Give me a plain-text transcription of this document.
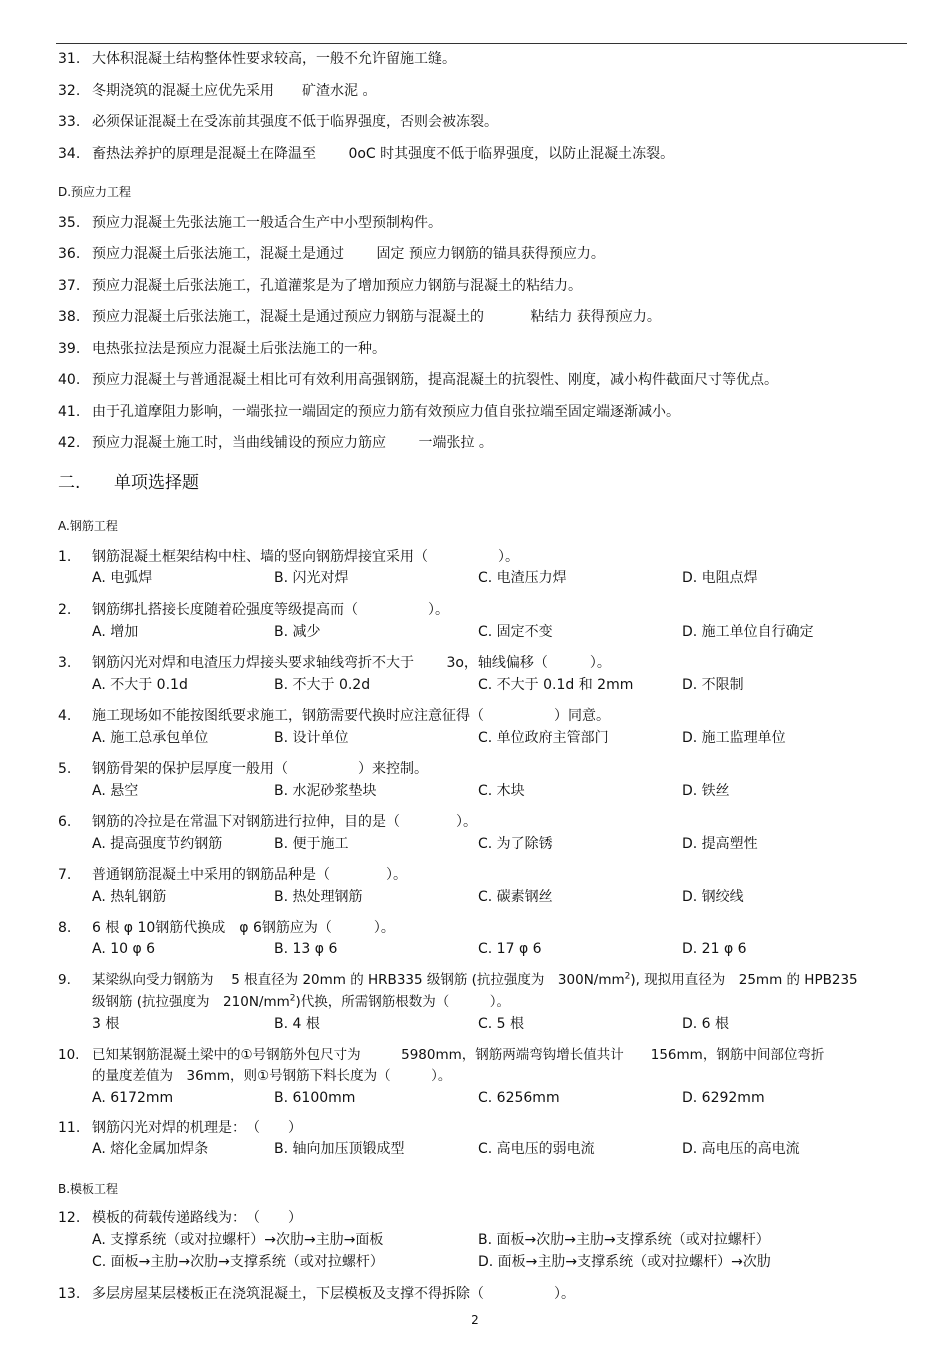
31. 大体积混凝土结构整体性要求较高，一般不允许留施工缝。
32. 冬期浇筑的混凝土应优先采用　　矿渣水泥 。
33. 必须保证混凝土在受冻前其强度不低于临界强度，否则会被冻裂。
34. 畜热法养护的原理是混凝土在降温至　　 0oC 时其强度不低于临界强度，以防止混凝土冻裂。
D.预应力工程
35. 预应力混凝土先张法施工一般适合生产中小型预制构件。
36. 预应力混凝土后张法施工，混凝土是通过　　 固定 预应力钢筋的锚具获得预应力。
37. 预应力混凝土后张法施工，孔道灌浆是为了增加预应力钢筋与混凝土的粘结力。
38. 预应力混凝土后张法施工，混凝土是通过预应力钢筋与混凝土的　　　 粘结力 获得预应力。
39. 电热张拉法是预应力混凝土后张法施工的一种。
40. 预应力混凝土与普通混凝土相比可有效利用高强钢筋，提高混凝土的抗裂性、刚度，减小构件截面尺寸等优点。
41. 由于孔道摩阻力影响，一端张拉一端固定的预应力筋有效预应力值自张拉端至固定端逐渐减小。
42. 预应力混凝土施工时，当曲线铺设的预应力筋应　　 一端张拉 。
二. 单项选择题
A.钢筋工程
1. 钢筋混凝土框架结构中柱、墙的竖向钢筋焊接宜采用（　　　　　）。
A. 电弧焊	B. 闪光对焊	C. 电渣压力焊	D. 电阻点焊
2. 钢筋绑扎搭接长度随着砼强度等级提高而（　　　　　）。
A. 增加	B. 减少	C. 固定不变	D. 施工单位自行确定
3. 钢筋闪光对焊和电渣压力焊接头要求轴线弯折不大于　　 3o，轴线偏移（　　　）。
A. 不大于 0.1d	B. 不大于 0.2d	C. 不大于 0.1d 和 2mm	D. 不限制
4. 施工现场如不能按图纸要求施工，钢筋需要代换时应注意征得（　　　　　）同意。
A. 施工总承包单位	B. 设计单位	C. 单位政府主管部门	D. 施工监理单位
5. 钢筋骨架的保护层厚度一般用（　　　　　）来控制。
A. 悬空	B. 水泥砂浆垫块	C. 木块	D. 铁丝
6. 钢筋的冷拉是在常温下对钢筋进行拉伸，目的是（　　　　）。
A. 提高强度节约钢筋	B. 便于施工	C. 为了除锈	D. 提高塑性
7. 普通钢筋混凝土中采用的钢筋品种是（　　　　）。
A. 热轧钢筋	B. 热处理钢筋	C. 碳素钢丝	D. 钢绞线
8. 6 根 φ 10钢筋代换成　φ 6钢筋应为（　　　）。
A. 10 φ 6	B. 13 φ 6	C. 17 φ 6	D. 21 φ 6
9. 某梁纵向受力钢筋为　 5 根直径为 20mm 的 HRB335 级钢筋 (抗拉强度为　$300N/mm^2$), 现拟用直径为　25mm 的 HPB235
级钢筋 (抗拉强度为　$210N/mm^2$)代换，所需钢筋根数为（　　　）。
3 根	B. 4 根	C. 5 根	D. 6 根
10. 已知某钢筋混凝土梁中的①号钢筋外包尺寸为　　　5980mm，钢筋两端弯钩增长值共计　　156mm，钢筋中间部位弯折
的量度差值为　36mm，则①号钢筋下料长度为（　　　）。
A. 6172mm	B. 6100mm	C. 6256mm	D. 6292mm
11. 钢筋闪光对焊的机理是：　（　　）
A. 熔化金属加焊条	B. 轴向加压顶锻成型	C. 高电压的弱电流	D. 高电压的高电流
B.模板工程
12. 模板的荷载传递路线为：　（　　）
A. 支撑系统（或对拉螺杆）→次肋→主肋→面板	B. 面板→次肋→主肋→支撑系统（或对拉螺杆）
C. 面板→主肋→次肋→支撑系统（或对拉螺杆）	D. 面板→主肋→支撑系统（或对拉螺杆）→次肋
13. 多层房屋某层楼板正在浇筑混凝土，下层模板及支撑不得拆除（　　　　　）。
2
